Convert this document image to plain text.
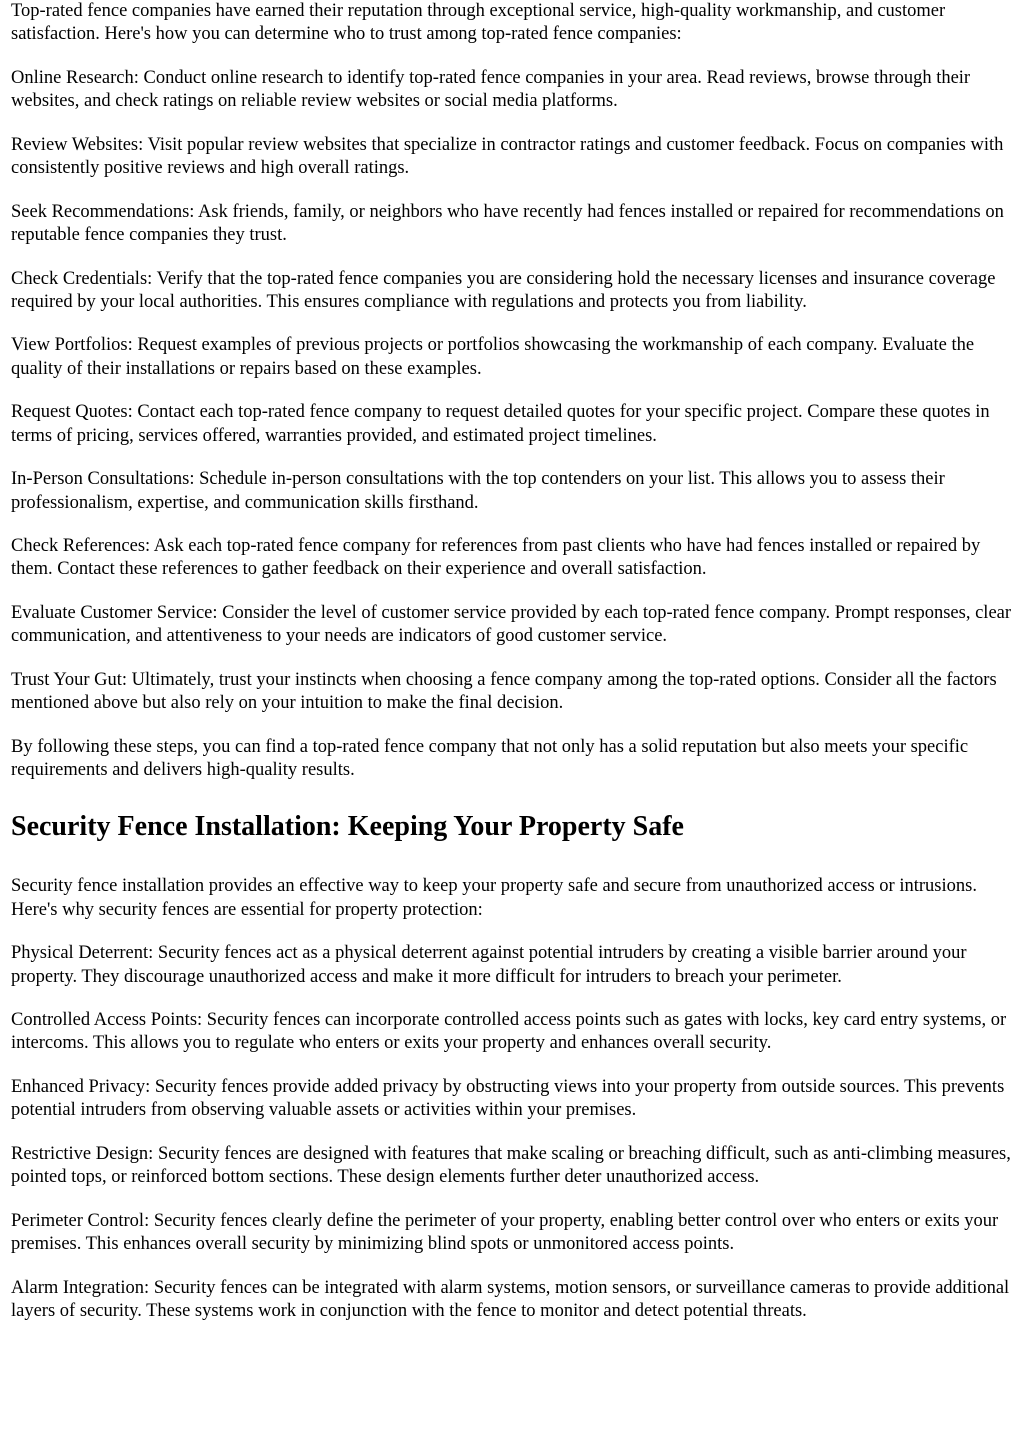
Top-rated fence companies have earned their reputation through exceptional service, high-quality workmanship, and customer satisfaction. Here's how you can determine who to trust among top-rated fence companies:

Online Research: Conduct online research to identify top-rated fence companies in your area. Read reviews, browse through their websites, and check ratings on reliable review websites or social media platforms.

Review Websites: Visit popular review websites that specialize in contractor ratings and customer feedback. Focus on companies with consistently positive reviews and high overall ratings.

Seek Recommendations: Ask friends, family, or neighbors who have recently had fences installed or repaired for recommendations on reputable fence companies they trust.

Check Credentials: Verify that the top-rated fence companies you are considering hold the necessary licenses and insurance coverage required by your local authorities. This ensures compliance with regulations and protects you from liability.

View Portfolios: Request examples of previous projects or portfolios showcasing the workmanship of each company. Evaluate the quality of their installations or repairs based on these examples.

Request Quotes: Contact each top-rated fence company to request detailed quotes for your specific project. Compare these quotes in terms of pricing, services offered, warranties provided, and estimated project timelines.

In-Person Consultations: Schedule in-person consultations with the top contenders on your list. This allows you to assess their professionalism, expertise, and communication skills firsthand.

Check References: Ask each top-rated fence company for references from past clients who have had fences installed or repaired by them. Contact these references to gather feedback on their experience and overall satisfaction.

Evaluate Customer Service: Consider the level of customer service provided by each top-rated fence company. Prompt responses, clear communication, and attentiveness to your needs are indicators of good customer service.

Trust Your Gut: Ultimately, trust your instincts when choosing a fence company among the top-rated options. Consider all the factors mentioned above but also rely on your intuition to make the final decision.

By following these steps, you can find a top-rated fence company that not only has a solid reputation but also meets your specific requirements and delivers high-quality results.

Security Fence Installation: Keeping Your Property Safe

Security fence installation provides an effective way to keep your property safe and secure from unauthorized access or intrusions. Here's why security fences are essential for property protection:

Physical Deterrent: Security fences act as a physical deterrent against potential intruders by creating a visible barrier around your property. They discourage unauthorized access and make it more difficult for intruders to breach your perimeter.

Controlled Access Points: Security fences can incorporate controlled access points such as gates with locks, key card entry systems, or intercoms. This allows you to regulate who enters or exits your property and enhances overall security.

Enhanced Privacy: Security fences provide added privacy by obstructing views into your property from outside sources. This prevents potential intruders from observing valuable assets or activities within your premises.

Restrictive Design: Security fences are designed with features that make scaling or breaching difficult, such as anti-climbing measures, pointed tops, or reinforced bottom sections. These design elements further deter unauthorized access.

Perimeter Control: Security fences clearly define the perimeter of your property, enabling better control over who enters or exits your premises. This enhances overall security by minimizing blind spots or unmonitored access points.

Alarm Integration: Security fences can be integrated with alarm systems, motion sensors, or surveillance cameras to provide additional layers of security. These systems work in conjunction with the fence to monitor and detect potential threats.
